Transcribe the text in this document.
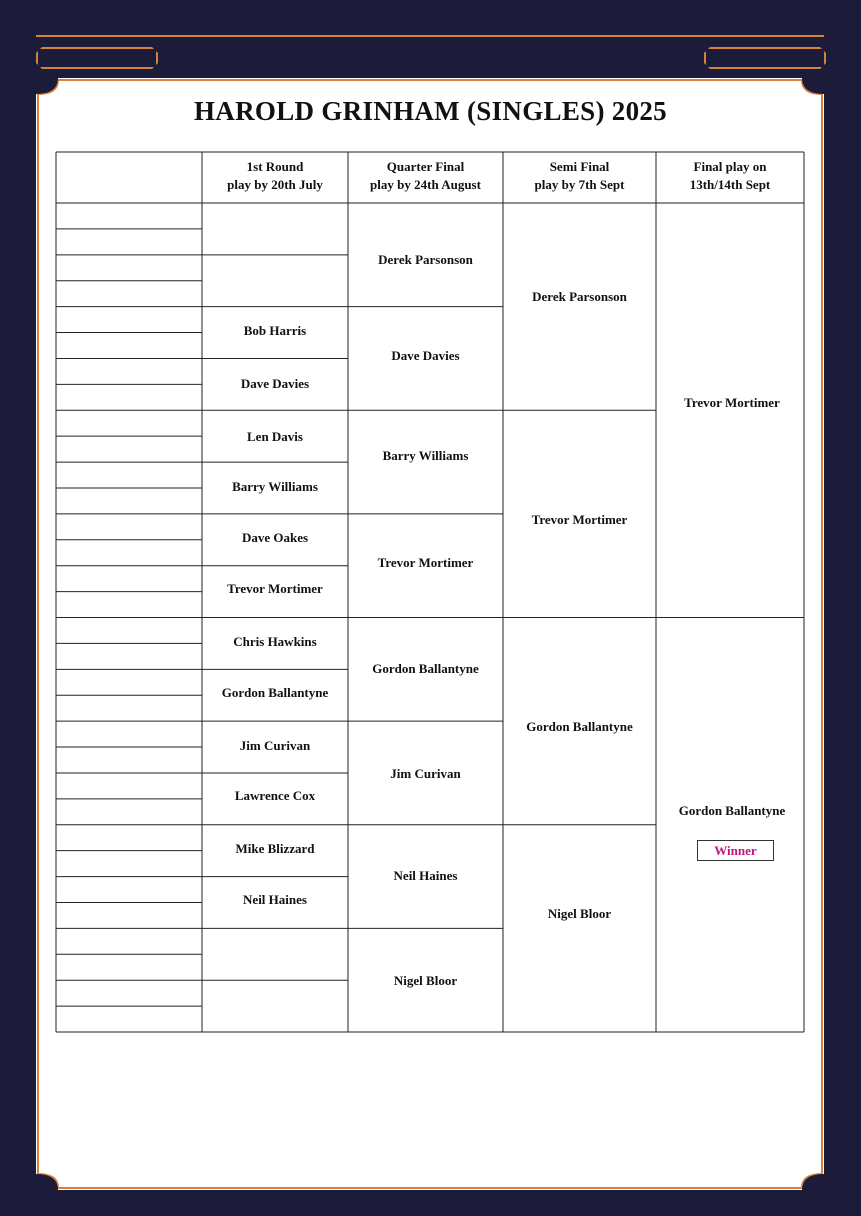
HAROLD GRINHAM (SINGLES) 2025
1st Round
play by 20th July
Quarter Final
play by 24th August
Semi Final
play by 7th Sept
Final play on
13th/14th Sept
Bob Harris
Dave Davies
Len Davis
Barry Williams
Dave Oakes
Trevor Mortimer
Chris Hawkins
Gordon Ballantyne
Jim Curivan
Lawrence Cox
Mike Blizzard
Neil Haines
Derek Parsonson
Dave Davies
Barry Williams
Trevor Mortimer
Gordon Ballantyne
Jim Curivan
Neil Haines
Nigel Bloor
Derek Parsonson
Trevor Mortimer
Gordon Ballantyne
Nigel Bloor
Trevor Mortimer
Gordon Ballantyne
Winner
